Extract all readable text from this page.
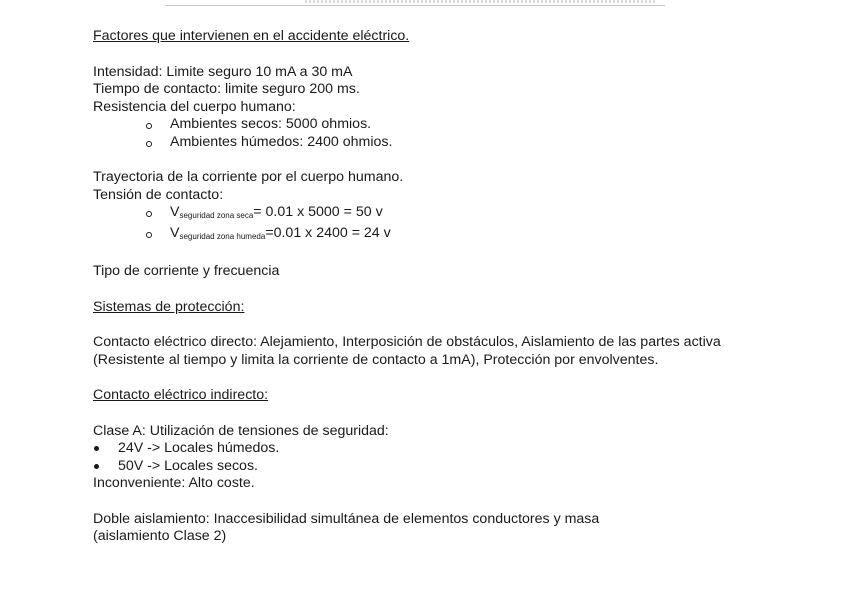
Factores que intervienen en el accidente eléctrico.

Intensidad: Limite seguro 10 mA a 30 mA

Tiempo de contacto: limite seguro 200 ms.

Resistencia del cuerpo humano:

Ambientes secos: 5000 ohmios.
Ambientes húmedos: 2400 ohmios.

Trayectoria de la corriente por el cuerpo humano.

Tensión de contacto:

$V_{seguridad zona seca}= 0.01$ x 5000 = 50 v
$V_{seguridad zona humeda}=0.01$ x 2400 = 24 v

Tipo de corriente y frecuencia

Sistemas de protección:

Contacto eléctrico directo: Alejamiento, Interposición de obstáculos, Aislamiento de las partes activa (Resistente al tiempo y limita la corriente de contacto a 1mA), Protección por envolventes.

Contacto eléctrico indirecto:

Clase A: Utilización de tensiones de seguridad:

24V -> Locales húmedos.
50V -> Locales secos.

Inconveniente: Alto coste.

Doble aislamiento: Inaccesibilidad simultánea de elementos conductores y masa (aislamiento Clase 2)
